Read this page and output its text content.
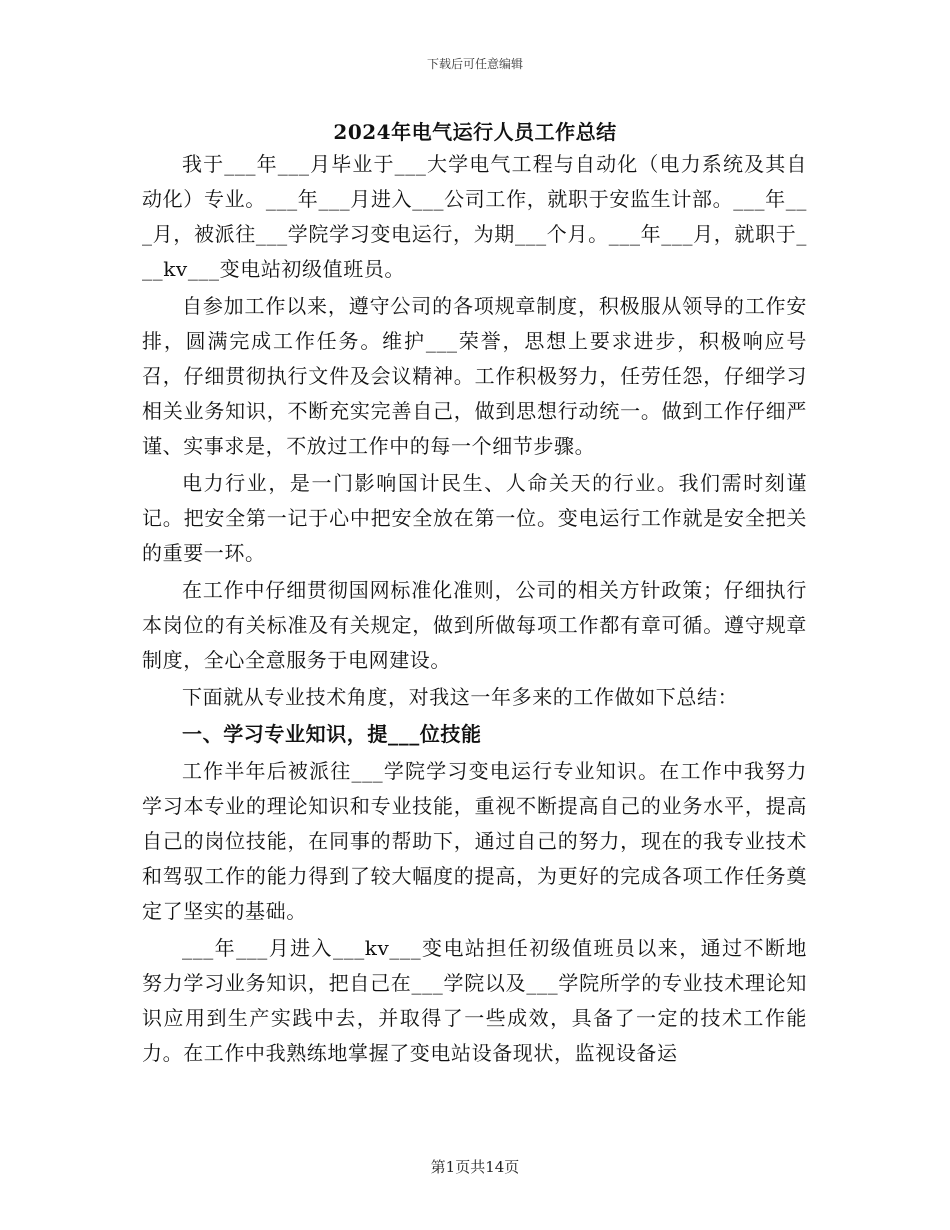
下载后可任意编辑
2024年电气运行人员工作总结

我于___年___月毕业于___大学电气工程与自动化（电力系统及其自动化）专业。___年___月进入___公司工作，就职于安监生计部。___年___月，被派往___学院学习变电运行，为期___个月。___年___月，就职于___kv___变电站初级值班员。

自参加工作以来，遵守公司的各项规章制度，积极服从领导的工作安排，圆满完成工作任务。维护___荣誉，思想上要求进步，积极响应号召，仔细贯彻执行文件及会议精神。工作积极努力，任劳任怨，仔细学习相关业务知识，不断充实完善自己，做到思想行动统一。做到工作仔细严谨、实事求是，不放过工作中的每一个细节步骤。

电力行业，是一门影响国计民生、人命关天的行业。我们需时刻谨记。把安全第一记于心中把安全放在第一位。变电运行工作就是安全把关的重要一环。

在工作中仔细贯彻国网标准化准则，公司的相关方针政策；仔细执行本岗位的有关标准及有关规定，做到所做每项工作都有章可循。遵守规章制度，全心全意服务于电网建设。

下面就从专业技术角度，对我这一年多来的工作做如下总结：

一、学习专业知识，提___位技能

工作半年后被派往___学院学习变电运行专业知识。在工作中我努力学习本专业的理论知识和专业技能，重视不断提高自己的业务水平，提高自己的岗位技能，在同事的帮助下，通过自己的努力，现在的我专业技术和驾驭工作的能力得到了较大幅度的提高，为更好的完成各项工作任务奠定了坚实的基础。

___年___月进入___kv___变电站担任初级值班员以来，通过不断地努力学习业务知识，把自己在___学院以及___学院所学的专业技术理论知识应用到生产实践中去，并取得了一些成效，具备了一定的技术工作能力。在工作中我熟练地掌握了变电站设备现状，监视设备运

第1页共14页
